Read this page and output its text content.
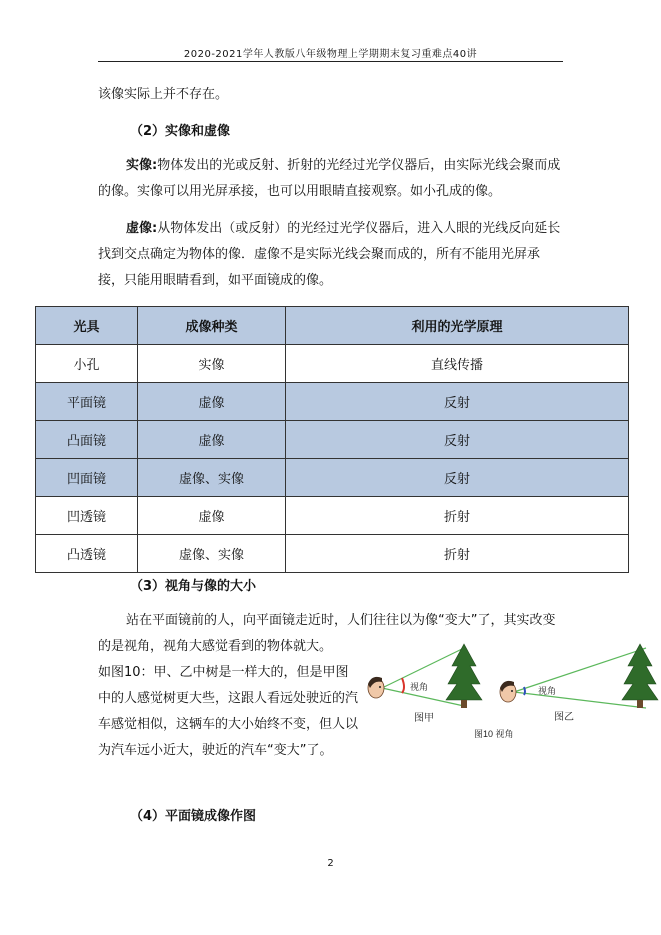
2020-2021学年人教版八年级物理上学期期末复习重难点40讲
该像实际上并不存在。
（2）实像和虚像
实像:物体发出的光或反射、折射的光经过光学仪器后，由实际光线会聚而成的像。实像可以用光屏承接，也可以用眼睛直接观察。如小孔成的像。
虚像:从物体发出（或反射）的光经过光学仪器后，进入人眼的光线反向延长找到交点确定为物体的像．虚像不是实际光线会聚而成的，所有不能用光屏承接，只能用眼睛看到，如平面镜成的像。
光具	成像种类	利用的光学原理
小孔	实像	直线传播
平面镜	虚像	反射
凸面镜	虚像	反射
凹面镜	虚像、实像	反射
凹透镜	虚像	折射
凸透镜	虚像、实像	折射
（3）视角与像的大小
站在平面镜前的人，向平面镜走近时，人们往往以为像“变大”了，其实改变的是视角，视角大感觉看到的物体就大。
如图10：甲、乙中树是一样大的，但是甲图中的人感觉树更大些，这跟人看远处驶近的汽车感觉相似，这辆车的大小始终不变，但人以为汽车远小近大，驶近的汽车“变大”了。
视角
图甲
视角
图乙
图10 视角
（4）平面镜成像作图
2
